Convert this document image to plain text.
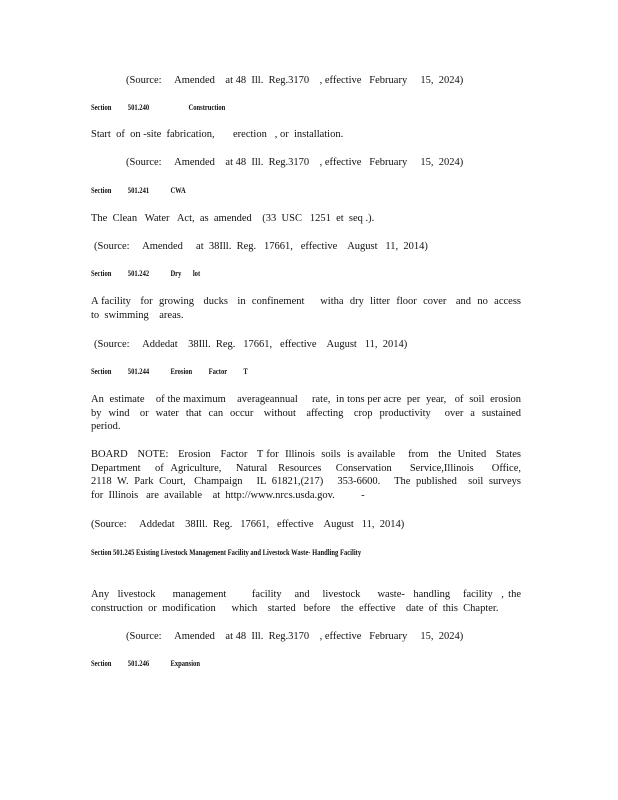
(Source:     Amended    at 48  Ill.  Reg.3170    , effective   February     15,  2024)
Section          501.240                        Construction
Start  of  on -site  fabrication,       erection   , or  installation.
(Source:     Amended    at 48  Ill.  Reg.3170    , effective   February     15,  2024)
Section          501.241             CWA
The  Clean   Water   Act,  as  amended    (33  USC   1251  et  seq .).
(Source:     Amended     at  38Ill.  Reg.   17661,   effective    August   11,  2014)
Section          501.242             Dry       lot
A facility   for  growing   ducks   in  confinement     witha  dry  litter  floor  cover   and  no  access    to  swimming    areas.
(Source:     Addedat    38Ill.  Reg.   17661,   effective    August   11,  2014)
Section          501.244             Erosion          Factor          T
An  estimate    of the maximum    averageannual     rate,  in tons per acre  per  year,   of  soil  erosion   by  wind   or  water  that  can  occur   without   affecting   crop  productivity    over  a  sustained    period.
BOARD   NOTE:   Erosion   Factor   T for  Illinois  soils  is available    from   the  United   States  Department    of  Agriculture,    Natural   Resources    Conservation     Service,Illinois     Office,   2118  W.  Park  Court,   Champaign     IL  61821,(217)     353-6600.     The  published    soil  surveys   for  Illinois   are  available    at  http://www.nrcs.usda.gov.          -
(Source:     Addedat    38Ill.  Reg.   17661,   effective    August   11,  2014)
Section 501.245 Existing Livestock Management Facility and Livestock Waste- Handling Facility
Any  livestock    management      facility   and   livestock    waste-  handling   facility  , the  construction  or  modification      which    started   before    the  effective    date  of  this  Chapter.
(Source:     Amended    at 48  Ill.  Reg.3170    , effective   February     15,  2024)
Section          501.246             Expansion
